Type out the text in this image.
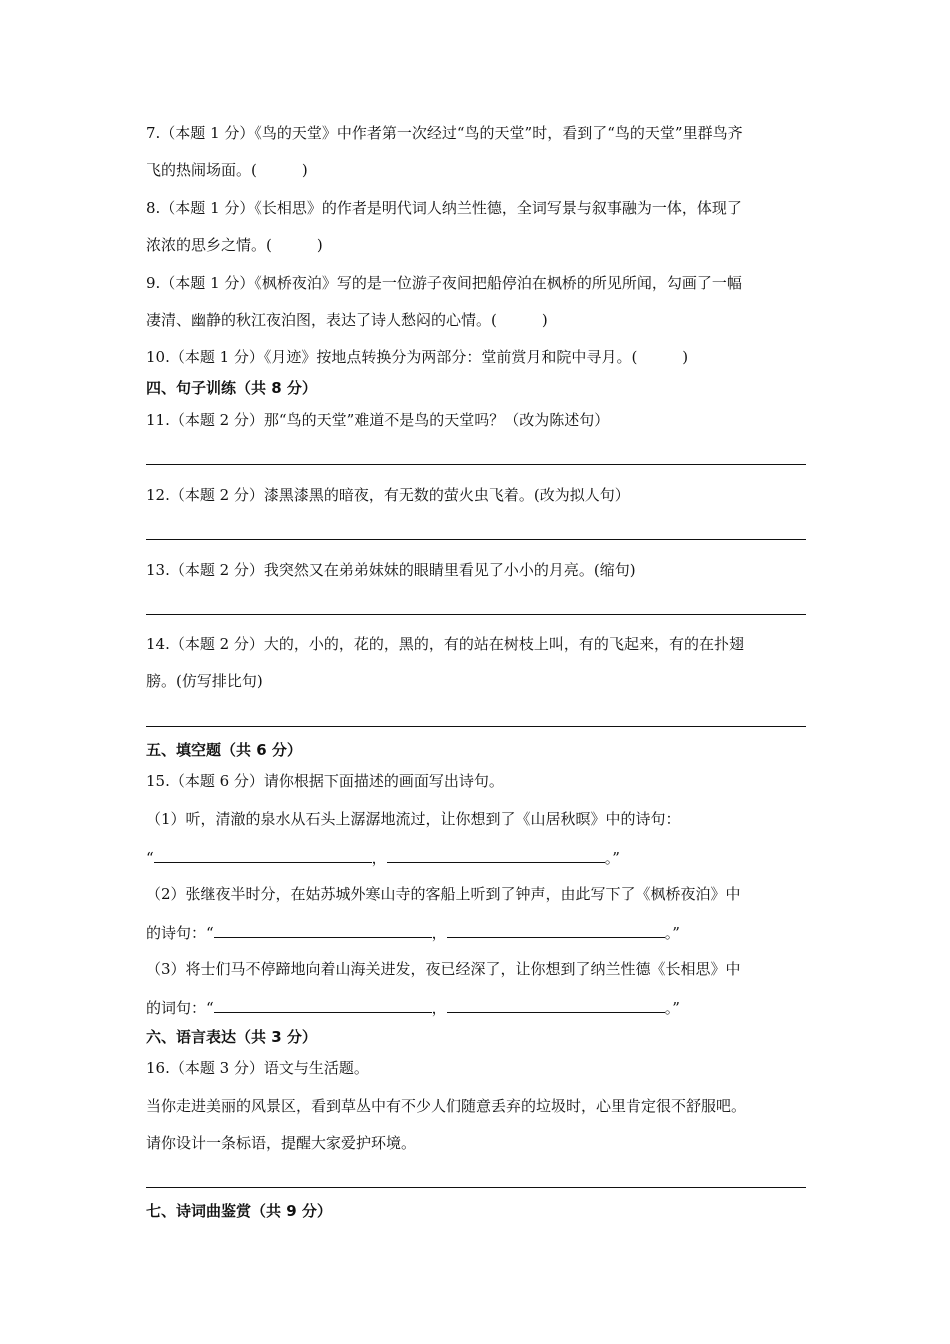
7.（本题 1 分）《鸟的天堂》中作者第一次经过“鸟的天堂”时，看到了“鸟的天堂”里群鸟齐
飞的热闹场面。(　　　)
8.（本题 1 分）《长相思》的作者是明代词人纳兰性德，全词写景与叙事融为一体，体现了
浓浓的思乡之情。(　　　)
9.（本题 1 分）《枫桥夜泊》写的是一位游子夜间把船停泊在枫桥的所见所闻，勾画了一幅
凄清、幽静的秋江夜泊图，表达了诗人愁闷的心情。(　　　)
10.（本题 1 分）《月迹》按地点转换分为两部分：堂前赏月和院中寻月。(　　　)
四、句子训练（共 8 分）
11.（本题 2 分）那“鸟的天堂”难道不是鸟的天堂吗？（改为陈述句）
12.（本题 2 分）漆黑漆黑的暗夜，有无数的萤火虫飞着。(改为拟人句）
13.（本题 2 分）我突然又在弟弟妹妹的眼睛里看见了小小的月亮。(缩句)
14.（本题 2 分）大的，小的，花的，黑的，有的站在树枝上叫，有的飞起来，有的在扑翅
膀。(仿写排比句)
五、填空题（共 6 分）
15.（本题 6 分）请你根据下面描述的画面写出诗句。
（1）听，清澈的泉水从石头上潺潺地流过，让你想到了《山居秋暝》中的诗句：
“	，	。”
（2）张继夜半时分，在姑苏城外寒山寺的客船上听到了钟声，由此写下了《枫桥夜泊》中
的诗句：“	，	。”
（3）将士们马不停蹄地向着山海关进发，夜已经深了，让你想到了纳兰性德《长相思》中
的词句：“	，	。”
六、语言表达（共 3 分）
16.（本题 3 分）语文与生活题。
当你走进美丽的风景区，看到草丛中有不少人们随意丢弃的垃圾时，心里肯定很不舒服吧。
请你设计一条标语，提醒大家爱护环境。
七、诗词曲鉴赏（共 9 分）
